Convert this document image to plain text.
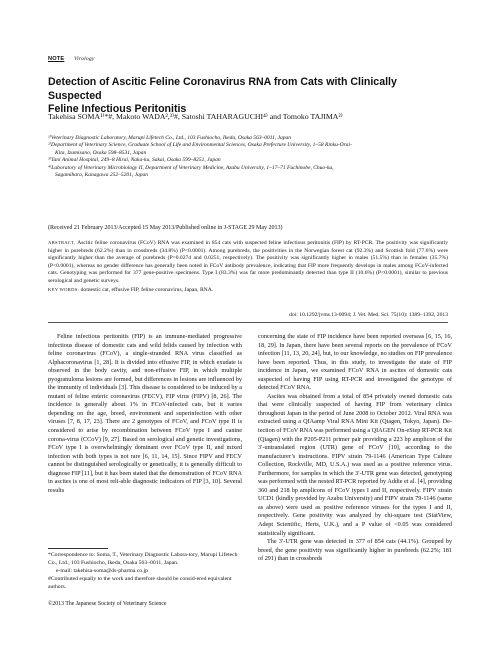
NOTE Virology
Detection of Ascitic Feline Coronavirus RNA from Cats with Clinically Suspected
Feline Infectious Peritonitis
Takehisa SOMA¹⁾*#, Makoto WADA²,³⁾#, Satoshi TAHARAGUCHI⁴⁾ and Tomoko TAJIMA²⁾
¹⁾Veterinary Diagnostic Laboratory, Marupi Lifetech Co., Ltd., 103 Fushiocho, Ikeda, Osaka 563–0011, Japan
²⁾Department of Veterinary Science, Graduate School of Life and Environmental Sciences, Osaka Prefecture University, 1–58 Rinku-Orai-
Kita, Izumisano, Osaka 598–8531, Japan
³⁾Tani Animal Hospital, 249–8 Hirai, Naka-ku, Sakai, Osaka 599–8251, Japan
⁴⁾Laboratory of Veterinary Microbiology II, Department of Veterinary Medicine, Azabu University, 1–17–71 Fuchinobe, Chuo-ku,
Sagamihara, Kanagawa 252–5201, Japan
(Received 21 February 2013/Accepted 15 May 2013/Published online in J-STAGE 29 May 2013)
ABSTRACT. Ascitic feline coronavirus (FCoV) RNA was examined in 854 cats with suspected feline infectious peritonitis (FIP) by RT-PCR. The positivity was significantly higher in purebreds (62.2%) than in crossbreds (34.8%) (P<0.0001). Among purebreds, the positivities in the Norwegian forest cat (92.3%) and Scottish fold (77.6%) were significantly higher than the average of purebreds (P=0.0274 and 0.0251, respectively). The positivity was significantly higher in males (51.5%) than in females (35.7%) (P<0.0001), whereas no gender difference has generally been noted in FCoV antibody prevalence, indicating that FIP more frequently develops in males among FCoV-infected cats. Genotyping was performed for 377 gene-positive specimens. Type I (83.3%) was far more predominantly detected than type II (10.6%) (P<0.0001), similar to previous serological and genetic surveys.
KEY WORDS: domestic cat, effusive FIP, feline coronavirus, Japan, RNA.
doi: 10.1292/jvms.13-0094; J. Vet. Med. Sci. 75(10): 1389–1392, 2013

Feline infectious peritonitis (FIP) is an immune-mediated progressive infectious disease of domestic cats and wild felids caused by infection with feline coronavirus (FCoV), a single-stranded RNA virus classified as Alphacoronavirus [1, 28]. It is divided into effusive FIP, in which exudate is observed in the body cavity, and non-effusive FIP, in which multiple pyogranuloma lesions are formed, but differences in lesions are influenced by the immunity of individuals [3]. This disease is considered to be induced by a mutant of feline enteric coronavirus (FECV), FIP virus (FIPV) [8, 26]. The incidence is generally about 1% in FCoV-infected cats, but it varies depending on the age, breed, environment and superinfection with other viruses [7, 8, 17, 23]. There are 2 genotypes of FCoV, and FCoV type II is considered to arise by recombination between FCoV type I and canine corona-virus (CCoV) [9, 27]. Based on serological and genetic investigations, FCoV type I is overwhelmingly dominant over FCoV type II, and mixed infection with both types is not rare [6, 11, 14, 15]. Since FIPV and FECV cannot be distinguished serologically or genetically, it is generally difficult to diagnose FIP [11], but it has been stated that the demonstration of FCoV RNA in ascites is one of most reli-able diagnostic indicators of FIP [3, 10]. Several results

concerning the state of FIP incidence have been reported overseas [6, 15, 16, 18, 29]. In Japan, there have been several reports on the prevalence of FCoV infection [11, 13, 20, 24], but, to our knowledge, no studies on FIP prevalence have been reported. Thus, in this study, to investigate the state of FIP incidence in Japan, we examined FCoV RNA in ascites of domestic cats suspected of having FIP using RT-PCR and investigated the genotype of detected FCoV RNA.

Ascites was obtained from a total of 854 privately owned domestic cats that were clinically suspected of having FIP from veterinary clinics throughout Japan in the period of June 2008 to October 2012. Viral RNA was extracted using a QIAamp Viral RNA Mini Kit (Qiagen, Tokyo, Japan). De-tection of FCoV RNA was performed using a QIAGEN On-eStep RT-PCR Kit (Qiagen) with the P205-P211 primer pair providing a 223 bp amplicon of the 3′-untranslated region (UTR) gene of FCoV [10], according to the manufacturer’s instructions. FIPV strain 79-1146 (American Type Culture Collection, Rockville, MD, U.S.A.) was used as a positive reference virus. Furthermore, for samples in which the 3′-UTR gene was detected, genotyping was performed with the nested RT-PCR reported by Addie et al. [4], providing 360 and 218 bp amplicons of FCoV types I and II, respectively. FIPV strain UCD1 (kindly provided by Azabu University) and FIPV strain 79-1146 (same as above) were used as positive reference viruses for the types I and II, respectively. Gene positivity was analyzed by chi-square test (StatView, Adept Scientific, Herts, U.K.), and a P value of <0.05 was considered statistically significant.

The 3′-UTR gene was detected in 377 of 854 cats (44.1%). Grouped by breed, the gene positivity was significantly higher in purebreds (62.2%; 181 of 291) than in crossbreds

*Correspondence to: Soma, T., Veterinary Diagnostic Labora-tory, Marupi Lifetech Co., Ltd., 103 Fushiocho, Ikeda, Osaka 563–0011, Japan.
e-mail: takehisa-soma@ds-pharma.co.jp
#Contributed equally to the work and therefore should be consid-ered equivalent authors.
©2013 The Japanese Society of Veterinary Science
